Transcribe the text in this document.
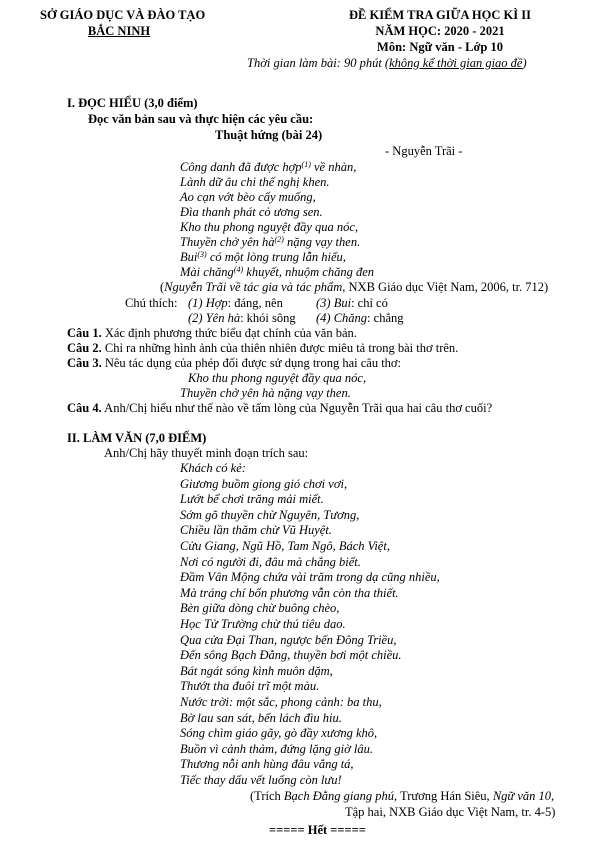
SỞ GIÁO DỤC VÀ ĐÀO TẠO
BẮC NINH
ĐỀ KIỂM TRA GIỮA HỌC KÌ II
NĂM HỌC: 2020 - 2021
Môn: Ngữ văn - Lớp 10
Thời gian làm bài: 90 phút (không kể thời gian giao đề)
I. ĐỌC HIỂU (3,0 điểm)
Đọc văn bản sau và thực hiện các yêu cầu:
Thuật hứng (bài 24)
- Nguyễn Trãi -
Công danh đã được hợp$^{(1)}$ về nhàn,
Lành dữ âu chi thế nghị khen.
Ao cạn vớt bèo cấy muống,
Đìa thanh phát cỏ ương sen.
Kho thu phong nguyệt đầy qua nóc,
Thuyền chở yên $hà^{(2)}$ nặng vạy then.
Bui$^{(3)}$ có một lòng trung lẫn hiếu,
Mài chăng$^{(4)}$ khuyết, nhuộm chăng đen
(Nguyễn Trãi về tác gia và tác phẩm, NXB Giáo dục Việt Nam, 2006, tr. 712)
Chú thích: (1) Hợp: đáng, nên	(3) Bui: chỉ có
(2) Yên hà: khói sông (4) Chăng: chẳng
Câu 1. Xác định phương thức biểu đạt chính của văn bản.
Câu 2. Chỉ ra những hình ảnh của thiên nhiên được miêu tả trong bài thơ trên.
Câu 3. Nêu tác dụng của phép đối được sử dụng trong hai câu thơ:
Kho thu phong nguyệt đầy qua nóc,
Thuyền chở yên hà nặng vạy then.
Câu 4. Anh/Chị hiểu như thế nào về tấm lòng của Nguyễn Trãi qua hai câu thơ cuối?
II. LÀM VĂN (7,0 ĐIỂM)
Anh/Chị hãy thuyết minh đoạn trích sau:
Khách có kẻ:
Giương buồm giong gió chơi vơi,
Lướt bể chơi trăng mải miết.
Sớm gõ thuyền chừ Nguyên, Tương,
Chiều lần thăm chừ Vũ Huyệt.
Cửu Giang, Ngũ Hồ, Tam Ngô, Bách Việt,
Nơi có người đi, đâu mà chẳng biết.
Đầm Vân Mộng chứa vài trăm trong dạ cũng nhiều,
Mà tráng chí bốn phương vẫn còn tha thiết.
Bèn giữa dòng chừ buông chèo,
Học Tử Trường chừ thú tiêu dao.
Qua cửa Đại Than, ngược bến Đông Triều,
Đến sông Bạch Đằng, thuyền bơi một chiều.
Bát ngát sóng kình muôn dặm,
Thướt tha đuôi trĩ một màu.
Nước trời: một sắc, phong cảnh: ba thu,
Bờ lau san sát, bến lách đìu hiu.
Sóng chìm giáo gãy, gò đầy xương khô,
Buồn vì cảnh thảm, đứng lặng giờ lâu.
Thương nỗi anh hùng đâu vắng tá,
Tiếc thay dấu vết luống còn lưu!
(Trích Bạch Đằng giang phú, Trương Hán Siêu, Ngữ văn 10,
Tập hai, NXB Giáo dục Việt Nam, tr. 4-5)
===== Hết =====
